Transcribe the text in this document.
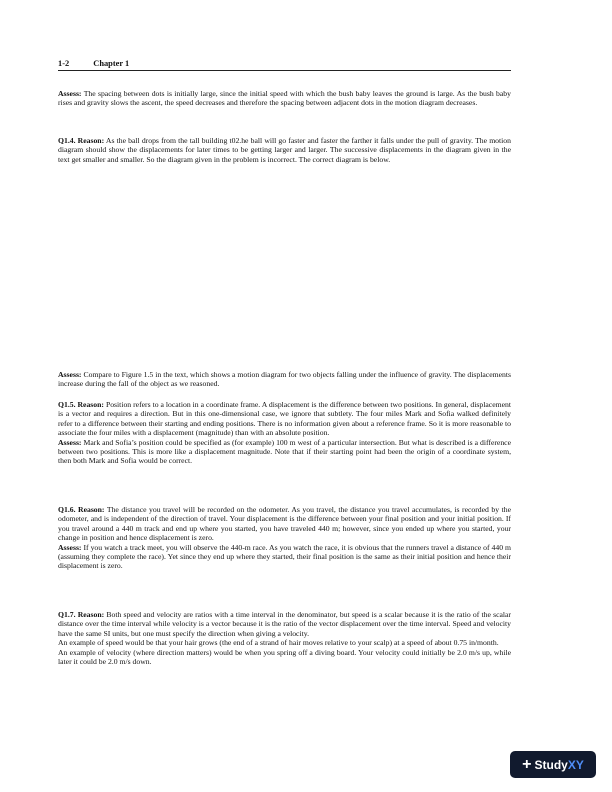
1-2	Chapter 1

Assess: The spacing between dots is initially large, since the initial speed with which the bush baby leaves the ground is large. As the bush baby rises and gravity slows the ascent, the speed decreases and therefore the spacing between adjacent dots in the motion diagram decreases.

Q1.4. Reason: As the ball drops from the tall building t02.he ball will go faster and faster the farther it falls under the pull of gravity. The motion diagram should show the displacements for later times to be getting larger and larger. The successive displacements in the diagram given in the text get smaller and smaller. So the diagram given in the problem is incorrect. The correct diagram is below.

Assess: Compare to Figure 1.5 in the text, which shows a motion diagram for two objects falling under the influence of gravity. The displacements increase during the fall of the object as we reasoned.

Q1.5. Reason: Position refers to a location in a coordinate frame. A displacement is the difference between two positions. In general, displacement is a vector and requires a direction. But in this one-dimensional case, we ignore that subtlety. The four miles Mark and Sofia walked definitely refer to a difference between their starting and ending positions. There is no information given about a reference frame. So it is more reasonable to associate the four miles with a displacement (magnitude) than with an absolute position.
Assess: Mark and Sofia’s position could be specified as (for example) 100 m west of a particular intersection. But what is described is a difference between two positions. This is more like a displacement magnitude. Note that if their starting point had been the origin of a coordinate system, then both Mark and Sofia would be correct.

Q1.6. Reason: The distance you travel will be recorded on the odometer. As you travel, the distance you travel accumulates, is recorded by the odometer, and is independent of the direction of travel. Your displacement is the difference between your final position and your initial position. If you travel around a 440 m track and end up where you started, you have traveled 440 m; however, since you ended up where you started, your change in position and hence displacement is zero.
Assess: If you watch a track meet, you will observe the 440-m race. As you watch the race, it is obvious that the runners travel a distance of 440 m (assuming they complete the race). Yet since they end up where they started, their final position is the same as their initial position and hence their displacement is zero.

Q1.7. Reason: Both speed and velocity are ratios with a time interval in the denominator, but speed is a scalar because it is the ratio of the scalar distance over the time interval while velocity is a vector because it is the ratio of the vector displacement over the time interval. Speed and velocity have the same SI units, but one must specify the direction when giving a velocity.
An example of speed would be that your hair grows (the end of a strand of hair moves relative to your scalp) at a speed of about 0.75 in/month.
An example of velocity (where direction matters) would be when you spring off a diving board. Your velocity could initially be 2.0 m/s up, while later it could be 2.0 m/s down.

+ Study XY
